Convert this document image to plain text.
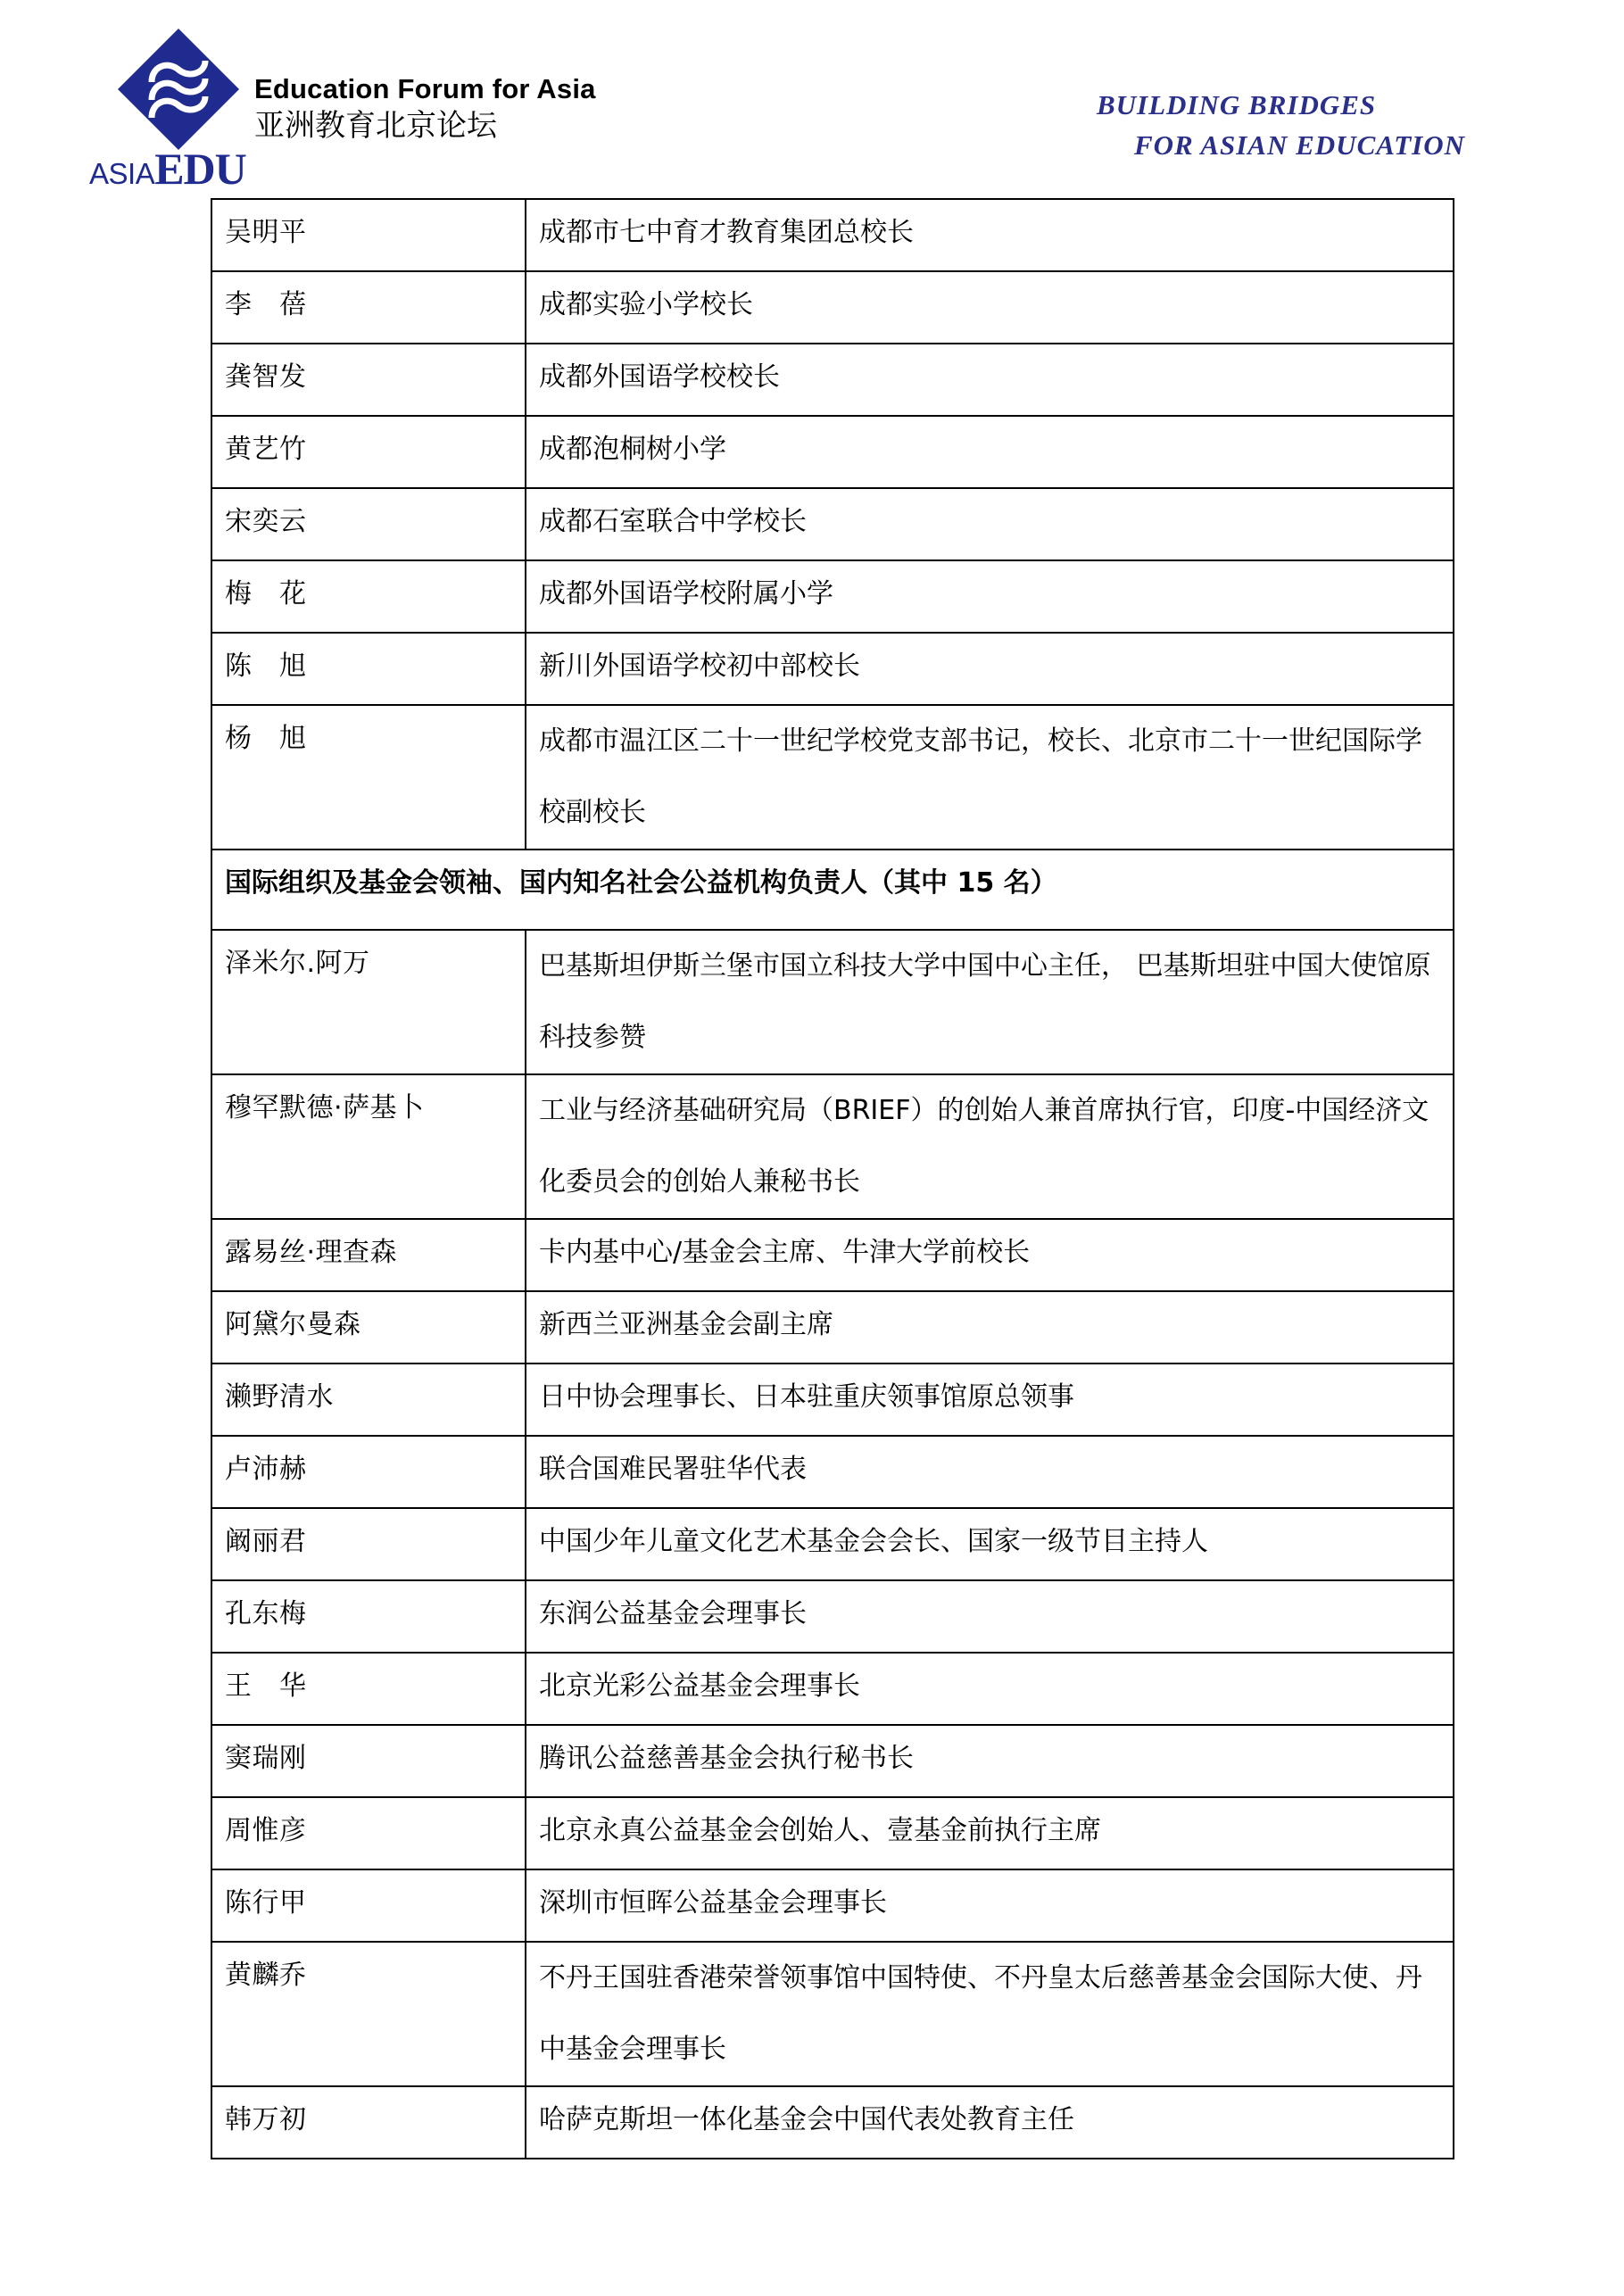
Education Forum for Asia
亚洲教育北京论坛
ASIAEDU
BUILDING BRIDGES
FOR ASIAN EDUCATION
吴明平	成都市七中育才教育集团总校长
李　蓓	成都实验小学校长
龚智发	成都外国语学校校长
黄艺竹	成都泡桐树小学
宋奕云	成都石室联合中学校长
梅　花	成都外国语学校附属小学
陈　旭	新川外国语学校初中部校长
杨　旭	成都市温江区二十一世纪学校党支部书记，校长、北京市二十一世纪国际学校副校长
国际组织及基金会领袖、国内知名社会公益机构负责人（其中 15 名）	
泽米尔.阿万	巴基斯坦伊斯兰堡市国立科技大学中国中心主任， 巴基斯坦驻中国大使馆原科技参赞
穆罕默德·萨基卜	工业与经济基础研究局（BRIEF）的创始人兼首席执行官，印度-中国经济文化委员会的创始人兼秘书长
露易丝·理查森	卡内基中心/基金会主席、牛津大学前校长
阿黛尔曼森	新西兰亚洲基金会副主席
濑野清水	日中协会理事长、日本驻重庆领事馆原总领事
卢沛赫	联合国难民署驻华代表
阚丽君	中国少年儿童文化艺术基金会会长、国家一级节目主持人
孔东梅	东润公益基金会理事长
王　华	北京光彩公益基金会理事长
窦瑞刚	腾讯公益慈善基金会执行秘书长
周惟彦	北京永真公益基金会创始人、壹基金前执行主席
陈行甲	深圳市恒晖公益基金会理事长
黄麟乔	不丹王国驻香港荣誉领事馆中国特使、不丹皇太后慈善基金会国际大使、丹中基金会理事长
韩万初	哈萨克斯坦一体化基金会中国代表处教育主任
